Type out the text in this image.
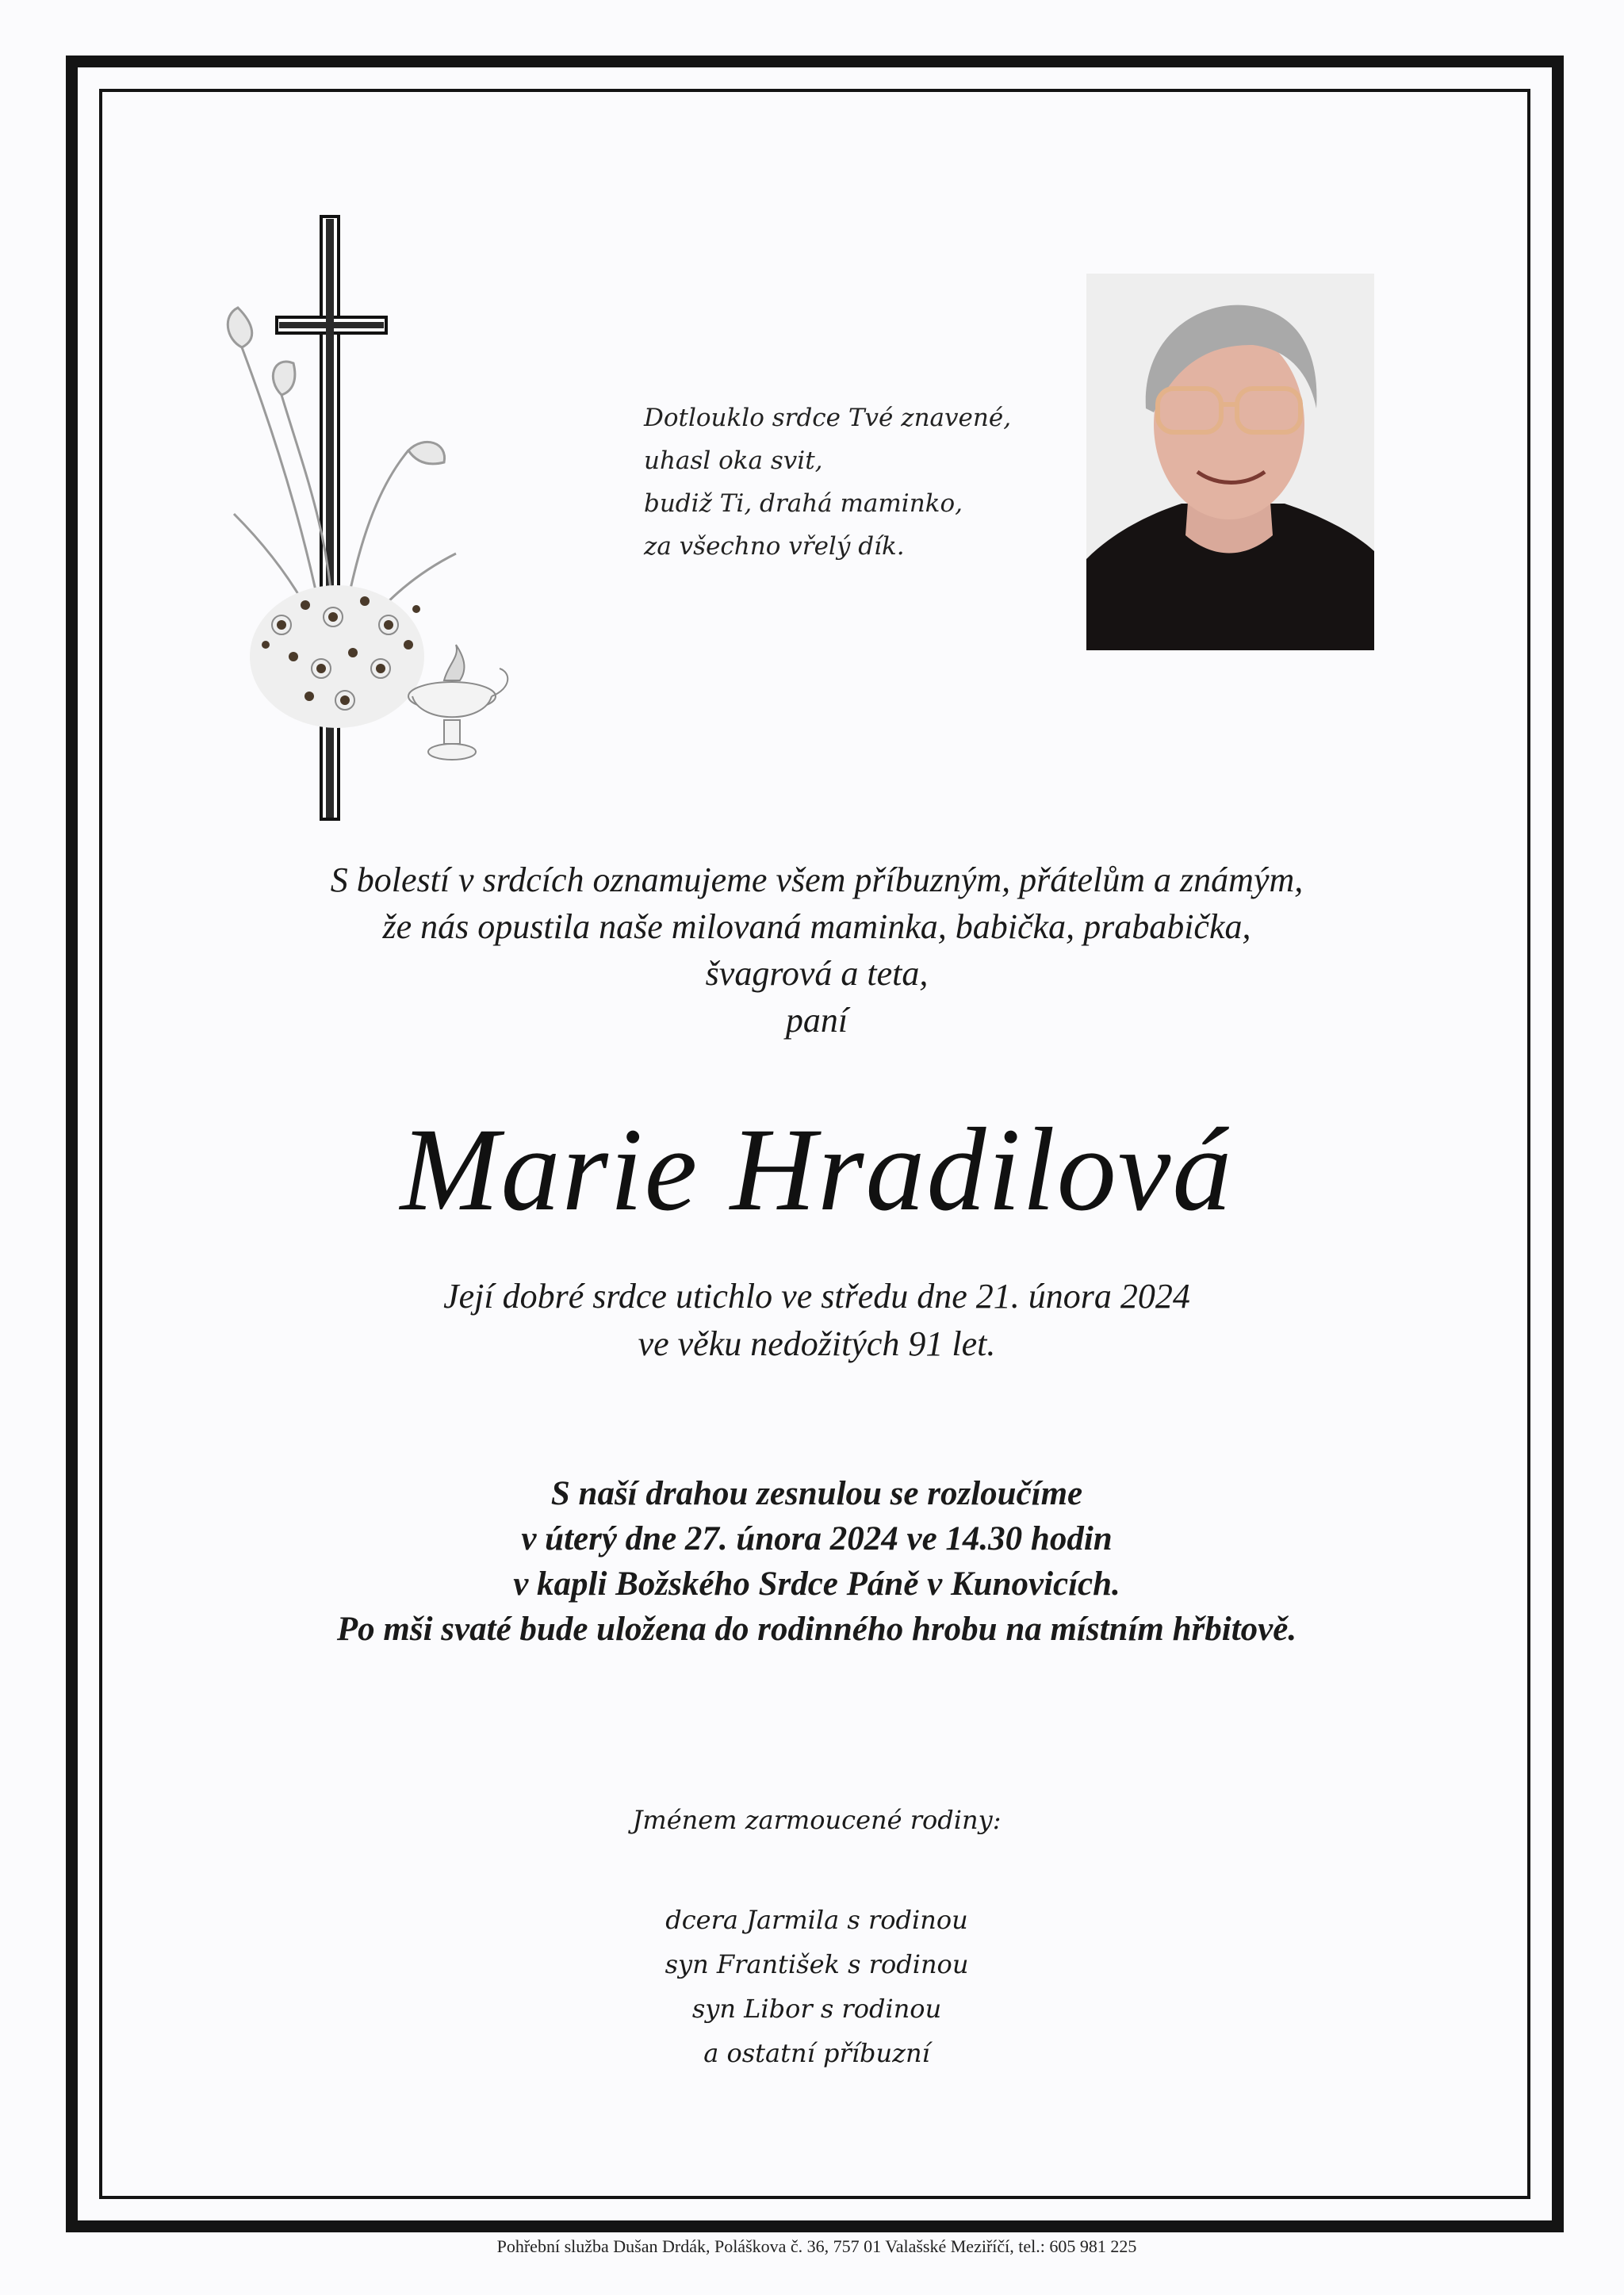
Dotlouklo srdce Tvé znavené,
uhasl oka svit,
budiž Ti, drahá maminko,
za všechno vřelý dík.
S bolestí v srdcích oznamujeme všem příbuzným, přátelům a známým,
že nás opustila naše milovaná maminka, babička, prababička,
švagrová a teta,
paní
Marie Hradilová
Její dobré srdce utichlo ve středu dne 21. února 2024
ve věku nedožitých 91 let.
S naší drahou zesnulou se rozloučíme
v úterý dne 27. února 2024 ve 14.30 hodin
v kapli Božského Srdce Páně v Kunovicích.
Po mši svaté bude uložena do rodinného hrobu na místním hřbitově.
Jménem zarmoucené rodiny:
dcera Jarmila s rodinou
syn František s rodinou
syn Libor s rodinou
a ostatní příbuzní
Pohřební služba Dušan Drdák, Poláškova č. 36, 757 01 Valašské Meziříčí, tel.: 605 981 225
